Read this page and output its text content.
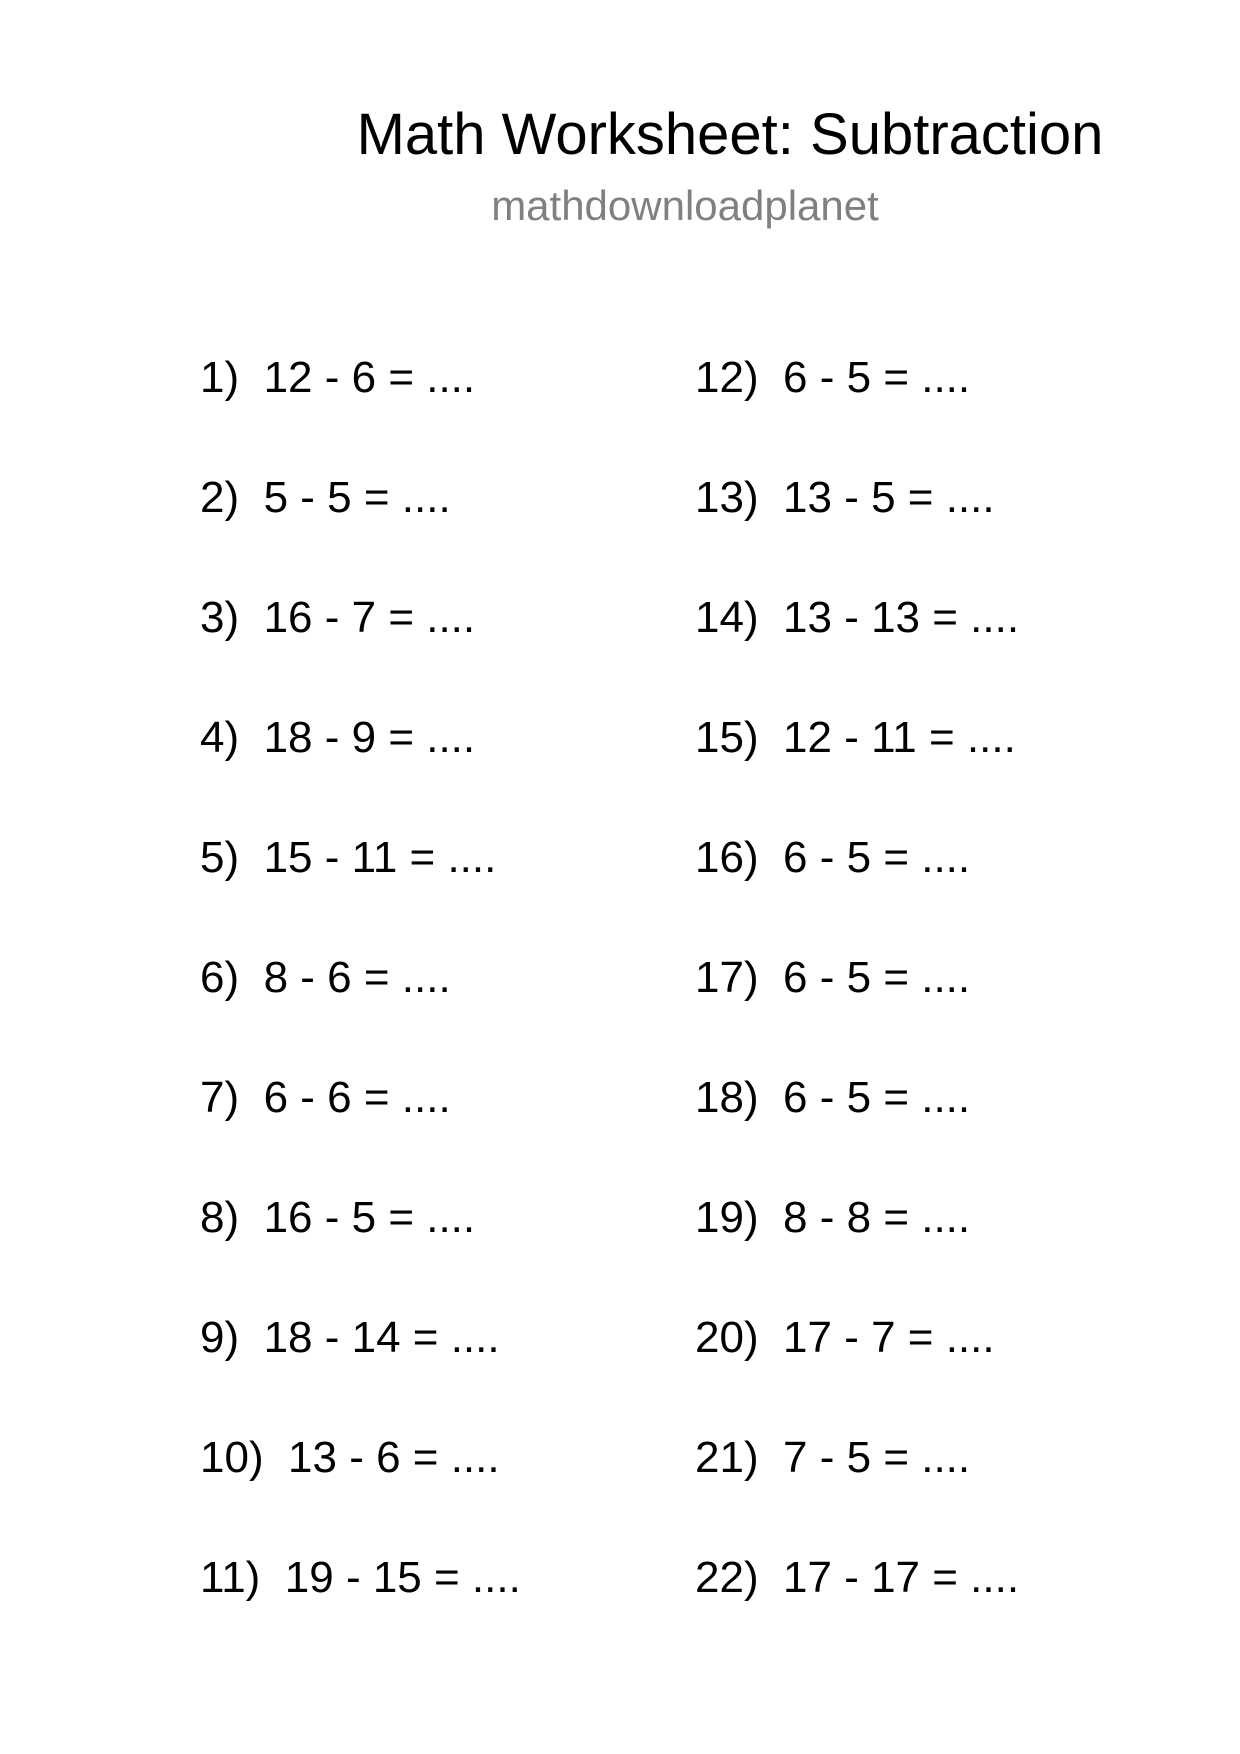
Math Worksheet: Subtraction
mathdownloadplanet
1) 12 - 6 = ....
2) 5 - 5 = ....
3) 16 - 7 = ....
4) 18 - 9 = ....
5) 15 - 11 = ....
6) 8 - 6 = ....
7) 6 - 6 = ....
8) 16 - 5 = ....
9) 18 - 14 = ....
10) 13 - 6 = ....
11) 19 - 15 = ....
12) 6 - 5 = ....
13) 13 - 5 = ....
14) 13 - 13 = ....
15) 12 - 11 = ....
16) 6 - 5 = ....
17) 6 - 5 = ....
18) 6 - 5 = ....
19) 8 - 8 = ....
20) 17 - 7 = ....
21) 7 - 5 = ....
22) 17 - 17 = ....
